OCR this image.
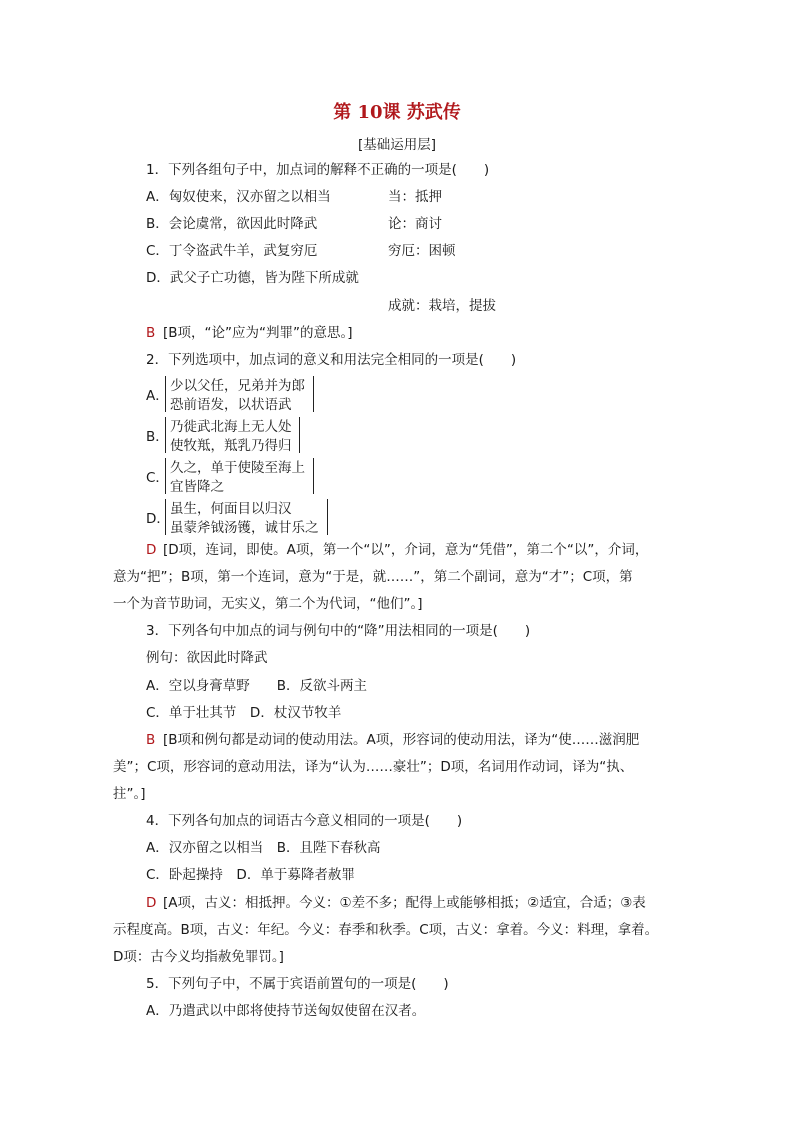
第 10课 苏武传
[基础运用层]
1．下列各组句子中，加点词的解释不正确的一项是(　　)
A．匈奴使来，汉亦留之以相当	当：抵押
B．会论虞常，欲因此时降武	论：商讨
C．丁令盗武牛羊，武复穷厄	穷厄：困顿
D．武父子亡功德，皆为陛下所成就
成就：栽培，提拔
B [B项，“论”应为“判罪”的意思。]
2．下列选项中，加点词的意义和用法完全相同的一项是(　　)
A．
少以父任，兄弟并为郎
恐前语发，以状语武
B．
乃徙武北海上无人处
使牧羝，羝乳乃得归
C．
久之，单于使陵至海上
宜皆降之
D．
虽生，何面目以归汉
虽蒙斧钺汤镬，诚甘乐之
D [D项，连词，即使。A项，第一个“以”，介词，意为“凭借”，第二个“以”，介词，
意为“把”；B项，第一个连词，意为“于是，就……”，第二个副词，意为“才”；C项，第
一个为音节助词，无实义，第二个为代词，“他们”。]
3．下列各句中加点的词与例句中的“降”用法相同的一项是(　　)
例句：欲因此时降武
A．空以身膏草野　　B．反欲斗两主
C．单于壮其节　D．杖汉节牧羊
B [B项和例句都是动词的使动用法。A项，形容词的使动用法，译为“使……滋润肥
美”；C项，形容词的意动用法，译为“认为……豪壮”；D项，名词用作动词，译为“执、
拄”。]
4．下列各句加点的词语古今意义相同的一项是(　　)
A．汉亦留之以相当　B．且陛下春秋高
C．卧起操持　D．单于募降者赦罪
D [A项，古义：相抵押。今义：①差不多；配得上或能够相抵；②适宜，合适；③表
示程度高。B项，古义：年纪。今义：春季和秋季。C项，古义：拿着。今义：料理，拿着。
D项：古今义均指赦免罪罚。]
5．下列句子中，不属于宾语前置句的一项是(　　)
A．乃遣武以中郎将使持节送匈奴使留在汉者。
